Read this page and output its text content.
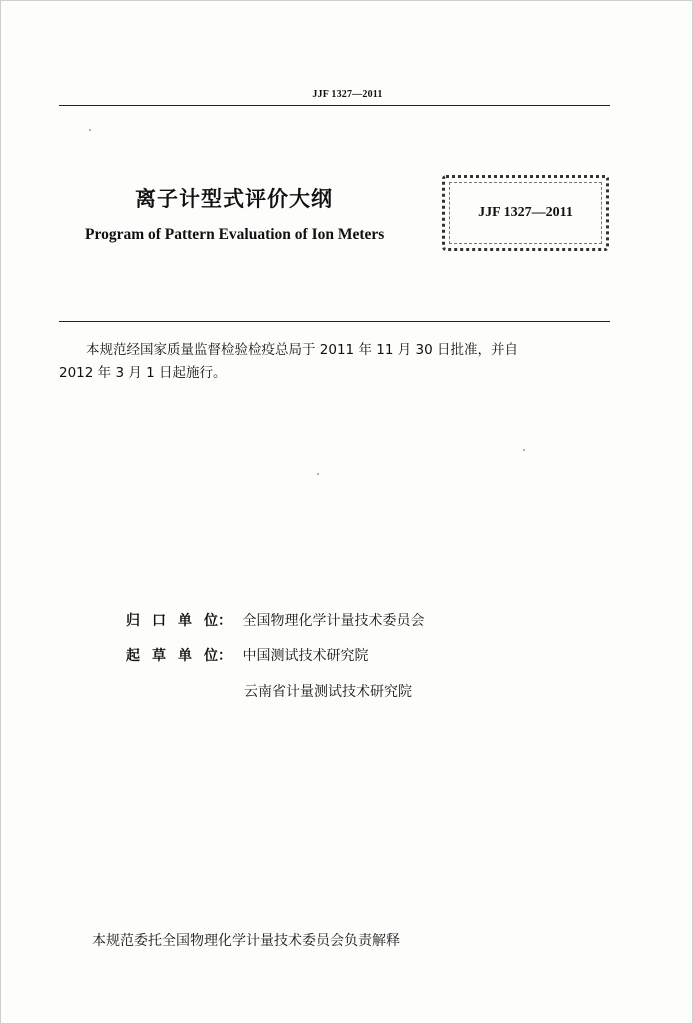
JJF 1327—2011
离子计型式评价大纲
Program of Pattern Evaluation of Ion Meters
JJF 1327—2011
本规范经国家质量监督检验检疫总局于 2011 年 11 月 30 日批准，并自
2012 年 3 月 1 日起施行。
归 口 单 位： 全国物理化学计量技术委员会
起 草 单 位： 中国测试技术研究院
云南省计量测试技术研究院
本规范委托全国物理化学计量技术委员会负责解释
